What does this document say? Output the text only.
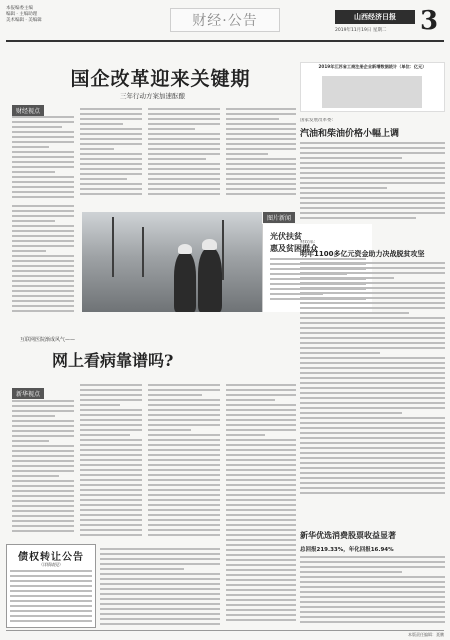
本报编委主编
编辑 · 主编助理
美术编辑 · 美编辑	财经·公告	山西经济日报
2019年11月19日 星期二	3
国企改革迎来关键期
三年行动方案加速酝酿
财经视点
图片新闻
光伏扶贫
惠及贫困群众
互联网医院渐成风气——
网上看病靠谱吗?
新华视点
债权转让公告
（详情请见）
2019年江苏省工商注册企业新增数据统计（单位：亿元）
国家发展改革委:
汽油和柴油价格小幅上调
财政部:
明年1100多亿元资金助力决战脱贫攻坚
新华优选消费股票收益显著
总回报219.33%，年化回报16.94%
本版责任编辑：聂鹏
